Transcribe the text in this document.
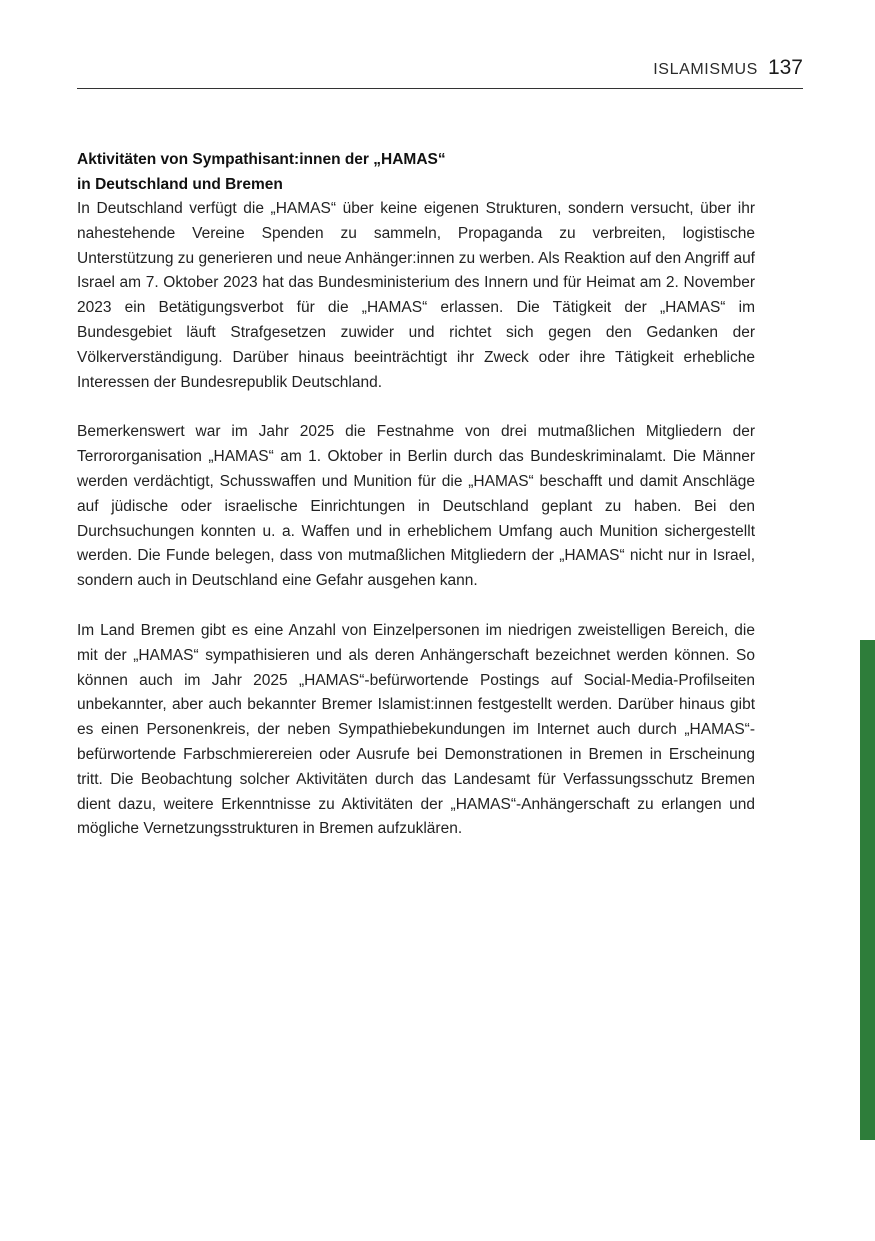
ISLAMISMUS 137
Aktivitäten von Sympathisant:innen der „HAMAS“
in Deutschland und Bremen

In Deutschland verfügt die „HAMAS“ über keine eigenen Strukturen, sondern versucht, über ihr nahestehende Vereine Spenden zu sammeln, Propaganda zu verbreiten, logistische Unterstützung zu generieren und neue Anhänger:innen zu werben. Als Reaktion auf den Angriff auf Israel am 7. Oktober 2023 hat das Bundesministerium des Innern und für Heimat am 2. November 2023 ein Betätigungsverbot für die „HAMAS“ erlassen. Die Tätigkeit der „HAMAS“ im Bundesgebiet läuft Strafgesetzen zuwider und richtet sich gegen den Gedanken der Völkerverständigung. Darüber hinaus beeinträchtigt ihr Zweck oder ihre Tätigkeit erhebliche Interessen der Bundesrepublik Deutschland.

Bemerkenswert war im Jahr 2025 die Festnahme von drei mutmaßlichen Mitgliedern der Terrororganisation „HAMAS“ am 1. Oktober in Berlin durch das Bundeskriminalamt. Die Männer werden verdächtigt, Schusswaffen und Munition für die „HAMAS“ beschafft und damit Anschläge auf jüdische oder israelische Einrichtungen in Deutschland geplant zu haben. Bei den Durchsuchungen konnten u. a. Waffen und in erheblichem Umfang auch Munition sichergestellt werden. Die Funde belegen, dass von mutmaßlichen Mitgliedern der „HAMAS“ nicht nur in Israel, sondern auch in Deutschland eine Gefahr ausgehen kann.

Im Land Bremen gibt es eine Anzahl von Einzelpersonen im niedrigen zweistelligen Bereich, die mit der „HAMAS“ sympathisieren und als deren Anhängerschaft bezeichnet werden können. So können auch im Jahr 2025 „HAMAS“-befürwortende Postings auf Social-Media-Profilseiten unbekannter, aber auch bekannter Bremer Islamist:innen festgestellt werden. Darüber hinaus gibt es einen Personenkreis, der neben Sympathiebekundungen im Internet auch durch „HAMAS“-befürwortende Farbschmierereien oder Ausrufe bei Demonstrationen in Bremen in Erscheinung tritt. Die Beobachtung solcher Aktivitäten durch das Landesamt für Verfassungsschutz Bremen dient dazu, weitere Erkenntnisse zu Aktivitäten der „HAMAS“-Anhängerschaft zu erlangen und mögliche Vernetzungsstrukturen in Bremen aufzuklären.
